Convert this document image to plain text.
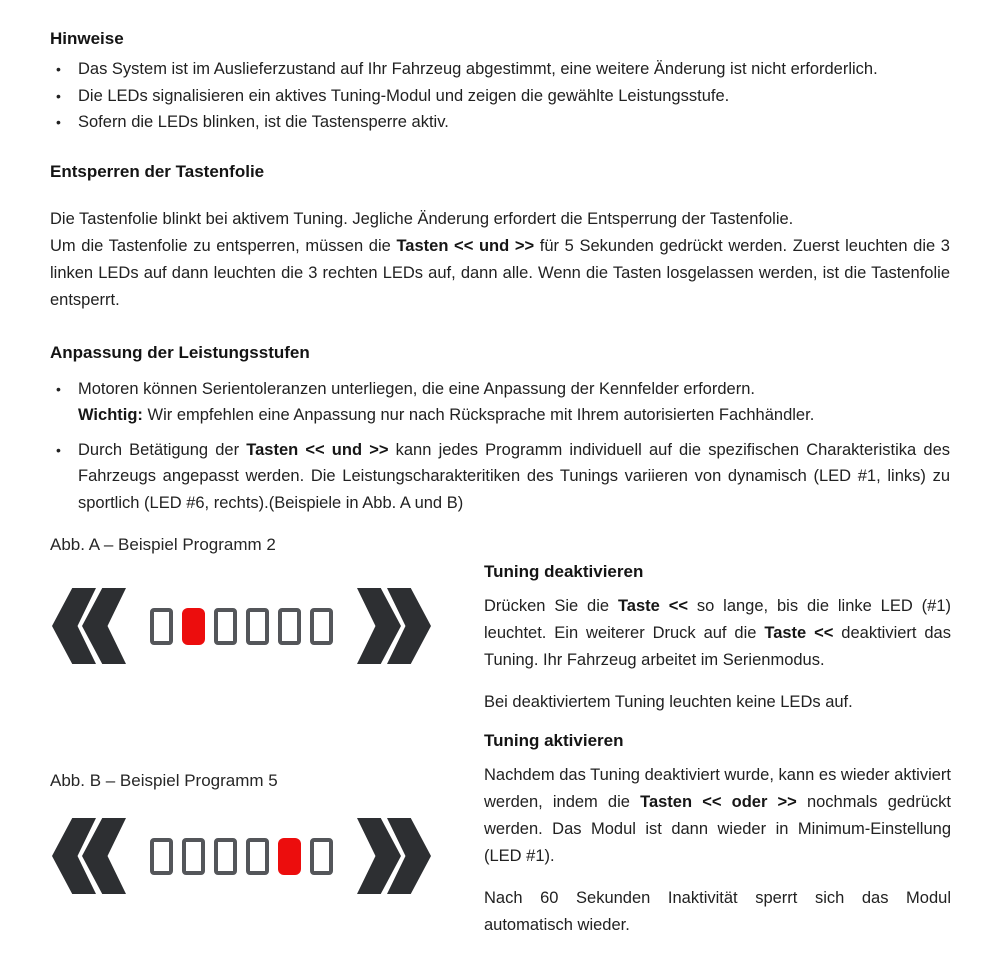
Hinweise
• Das System ist im Auslieferzustand auf Ihr Fahrzeug abgestimmt, eine weitere Änderung ist nicht erforderlich.
• Die LEDs signalisieren ein aktives Tuning-Modul und zeigen die gewählte Leistungsstufe.
• Sofern die LEDs blinken, ist die Tastensperre aktiv.
Entsperren der Tastenfolie

Die Tastenfolie blinkt bei aktivem Tuning. Jegliche Änderung erfordert die Entsperrung der Tastenfolie.

Um die Tastenfolie zu entsperren, müssen die Tasten << und >> für 5 Sekunden gedrückt werden. Zuerst leuchten die 3 linken LEDs auf dann leuchten die 3 rechten LEDs auf, dann alle. Wenn die Tasten losgelassen werden, ist die Tastenfolie entsperrt.

Anpassung der Leistungsstufen
• Motoren können Serientoleranzen unterliegen, die eine Anpassung der Kennfelder erfordern.
Wichtig: Wir empfehlen eine Anpassung nur nach Rücksprache mit Ihrem autorisierten Fachhändler.
• Durch Betätigung der Tasten << und >> kann jedes Programm individuell auf die spezifischen Charakteristika des Fahrzeugs angepasst werden. Die Leistungscharakteritiken des Tunings variieren von dynamisch (LED #1, links) zu sportlich (LED #6, rechts).(Beispiele in Abb. A und B)
Abb. A – Beispiel Programm 2
Abb. B – Beispiel Programm 5
Tuning deaktivieren

Drücken Sie die Taste << so lange, bis die linke LED (#1) leuchtet. Ein weiterer Druck auf die Taste << deaktiviert das Tuning. Ihr Fahrzeug arbeitet im Serienmodus.

Bei deaktiviertem Tuning leuchten keine LEDs auf.

Tuning aktivieren

Nachdem das Tuning deaktiviert wurde, kann es wieder aktiviert werden, indem die Tasten << oder >> nochmals gedrückt werden. Das Modul ist dann wieder in Minimum-Einstellung (LED #1).

Nach 60 Sekunden Inaktivität sperrt sich das Modul automatisch wieder.
